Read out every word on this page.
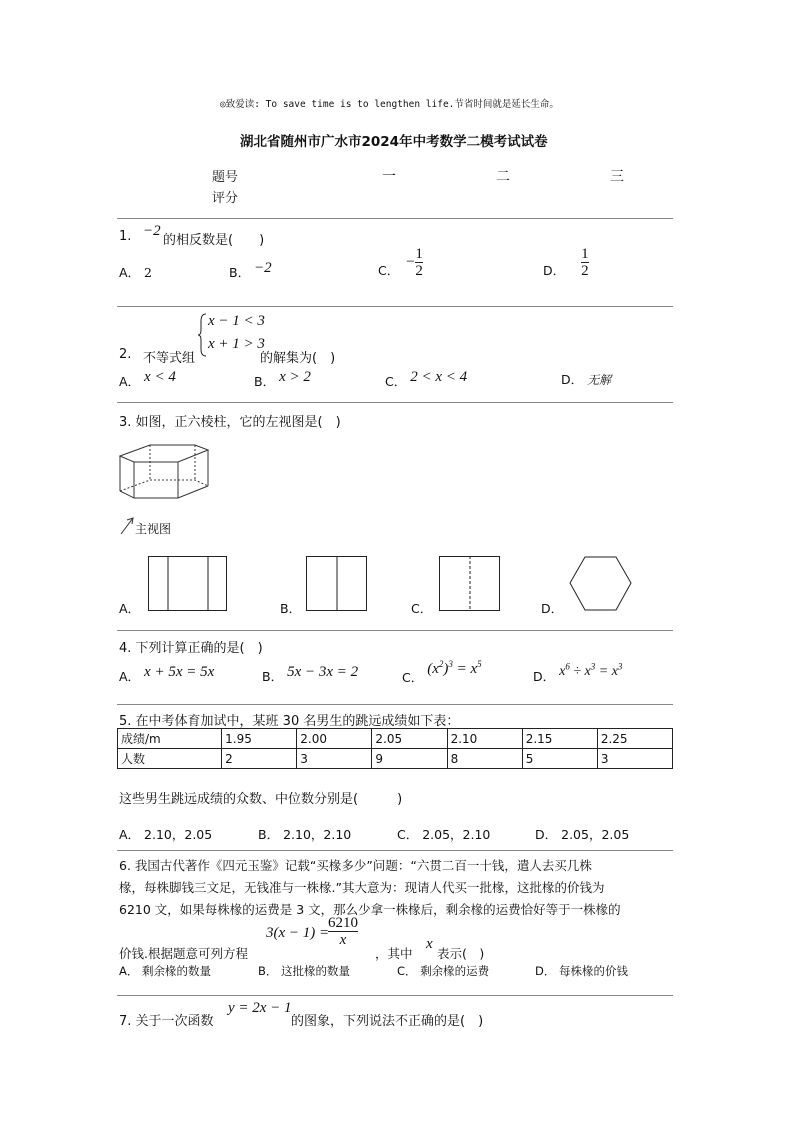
◎致爱读: To save time is to lengthen life.节省时间就是延长生命。
湖北省随州市广水市2024年中考数学二模考试试卷
题号
评分
一	二	三
1. −2
的相反数是(　　)
A． 2	B． −2	C．
− $\frac{1}{2}$	D． $\frac{1}{2}$
x − 1 < 3
x + 1 > 3
2. 不等式组	的解集为(　)
A． x < 4	B． x > 2	C． 2 < x < 4	D． 无解
3. 如图，正六棱柱，它的左视图是(　)
主视图
A．	B．	C．	D．
4. 下列计算正确的是(　)
A． x + 5x = 5x	B． 5x − 3x = 2	C． $(x^2)^3 = x^5$
D． $x^6 \div x^3 = x^3$
5. 在中考体育加试中，某班 30 名男生的跳远成绩如下表：
成绩/m	1.95	2.00	2.05	2.10	2.15	2.25
人数	2	3	9	8	5	3
这些男生跳远成绩的众数、中位数分别是(　　　)
A． 2.10，2.05	B． 2.10，2.10	C． 2.05，2.10	D． 2.05，2.05
6. 我国古代著作《四元玉鉴》记载“买椽多少”问题：“六贯二百一十钱，遣人去买几株
椽，每株脚钱三文足，无钱准与一株椽.”其大意为：现请人代买一批椽，这批椽的价钱为
6210 文，如果每株椽的运费是 3 文，那么少拿一株椽后，剩余椽的运费恰好等于一株椽的
3(x − 1) =
6210
x
价钱.根据题意可列方程	，其中
x
表示(　)
A． 剩余椽的数量	B． 这批椽的数量	C． 剩余椽的运费	D． 每株椽的价钱
7. 关于一次函数
y = 2x − 1
的图象，下列说法不正确的是(　)
